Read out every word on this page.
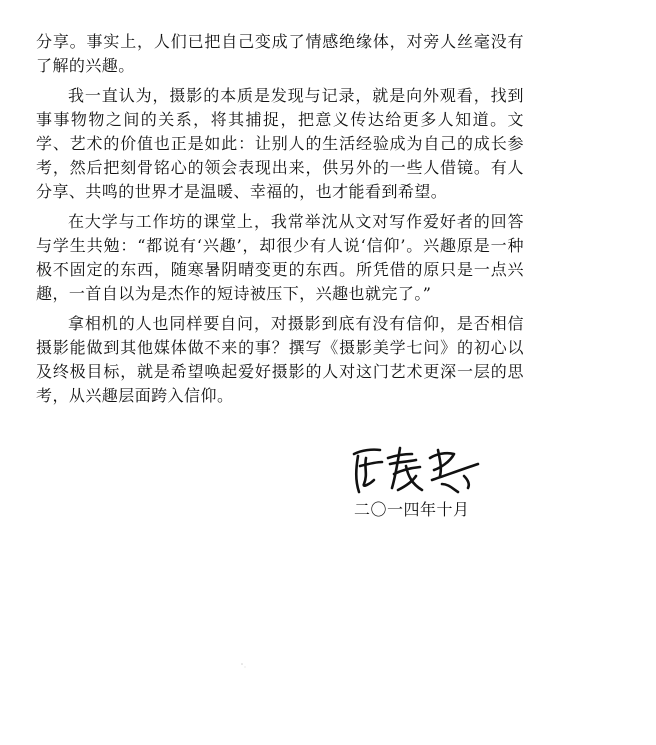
分享。事实上，人们已把自己变成了情感绝缘体，对旁人丝毫没有了解的兴趣。

我一直认为，摄影的本质是发现与记录，就是向外观看，找到事事物物之间的关系，将其捕捉，把意义传达给更多人知道。文学、艺术的价值也正是如此：让别人的生活经验成为自己的成长参考，然后把刻骨铭心的领会表现出来，供另外的一些人借镜。有人分享、共鸣的世界才是温暖、幸福的，也才能看到希望。

在大学与工作坊的课堂上，我常举沈从文对写作爱好者的回答与学生共勉：“都说有‘兴趣’，却很少有人说‘信仰’。兴趣原是一种极不固定的东西，随寒暑阴晴变更的东西。所凭借的原只是一点兴趣，一首自以为是杰作的短诗被压下，兴趣也就完了。”

拿相机的人也同样要自问，对摄影到底有没有信仰，是否相信摄影能做到其他媒体做不来的事？撰写《摄影美学七问》的初心以及终极目标，就是希望唤起爱好摄影的人对这门艺术更深一层的思考，从兴趣层面跨入信仰。

二〇一四年十月
